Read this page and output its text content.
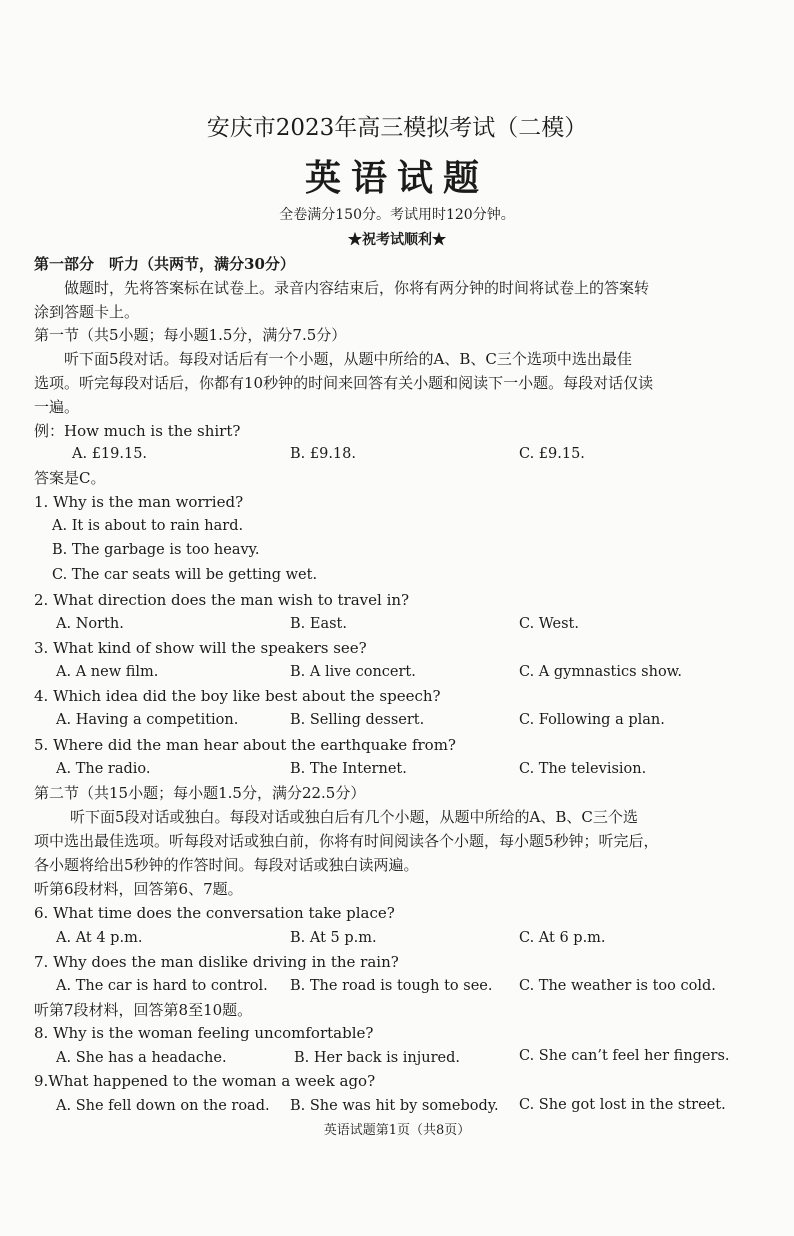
安庆市2023年高三模拟考试（二模）
英语试题
全卷满分150分。考试用时120分钟。
★祝考试顺利★
第一部分　听力（共两节，满分30分）
做题时，先将答案标在试卷上。录音内容结束后，你将有两分钟的时间将试卷上的答案转
涂到答题卡上。
第一节（共5小题；每小题1.5分，满分7.5分）
听下面5段对话。每段对话后有一个小题，从题中所给的A、B、C三个选项中选出最佳
选项。听完每段对话后，你都有10秒钟的时间来回答有关小题和阅读下一小题。每段对话仅读
一遍。
例：How much is the shirt?
A. £19.15.	B. £9.18.	C. £9.15.
答案是C。
1. Why is the man worried?
A. It is about to rain hard.
B. The garbage is too heavy.
C. The car seats will be getting wet.
2. What direction does the man wish to travel in?
A. North.	B. East.	C. West.
3. What kind of show will the speakers see?
A. A new film.	B. A live concert.	C. A gymnastics show.
4. Which idea did the boy like best about the speech?
A. Having a competition.	B. Selling dessert.	C. Following a plan.
5. Where did the man hear about the earthquake from?
A. The radio.	B. The Internet.	C. The television.
第二节（共15小题；每小题1.5分，满分22.5分）
听下面5段对话或独白。每段对话或独白后有几个小题，从题中所给的A、B、C三个选
项中选出最佳选项。听每段对话或独白前，你将有时间阅读各个小题，每小题5秒钟；听完后，
各小题将给出5秒钟的作答时间。每段对话或独白读两遍。
听第6段材料，回答第6、7题。
6. What time does the conversation take place?
A. At 4 p.m.	B. At 5 p.m.	C. At 6 p.m.
7. Why does the man dislike driving in the rain?
A. The car is hard to control. B. The road is tough to see. C. The weather is too cold.
听第7段材料，回答第8至10题。
8. Why is the woman feeling uncomfortable?
A. She has a headache.	B. Her back is injured.	C. She can’t feel her fingers.
9.What happened to the woman a week ago?
A. She fell down on the road. B. She was hit by somebody. C. She got lost in the street.
英语试题第1页（共8页）
